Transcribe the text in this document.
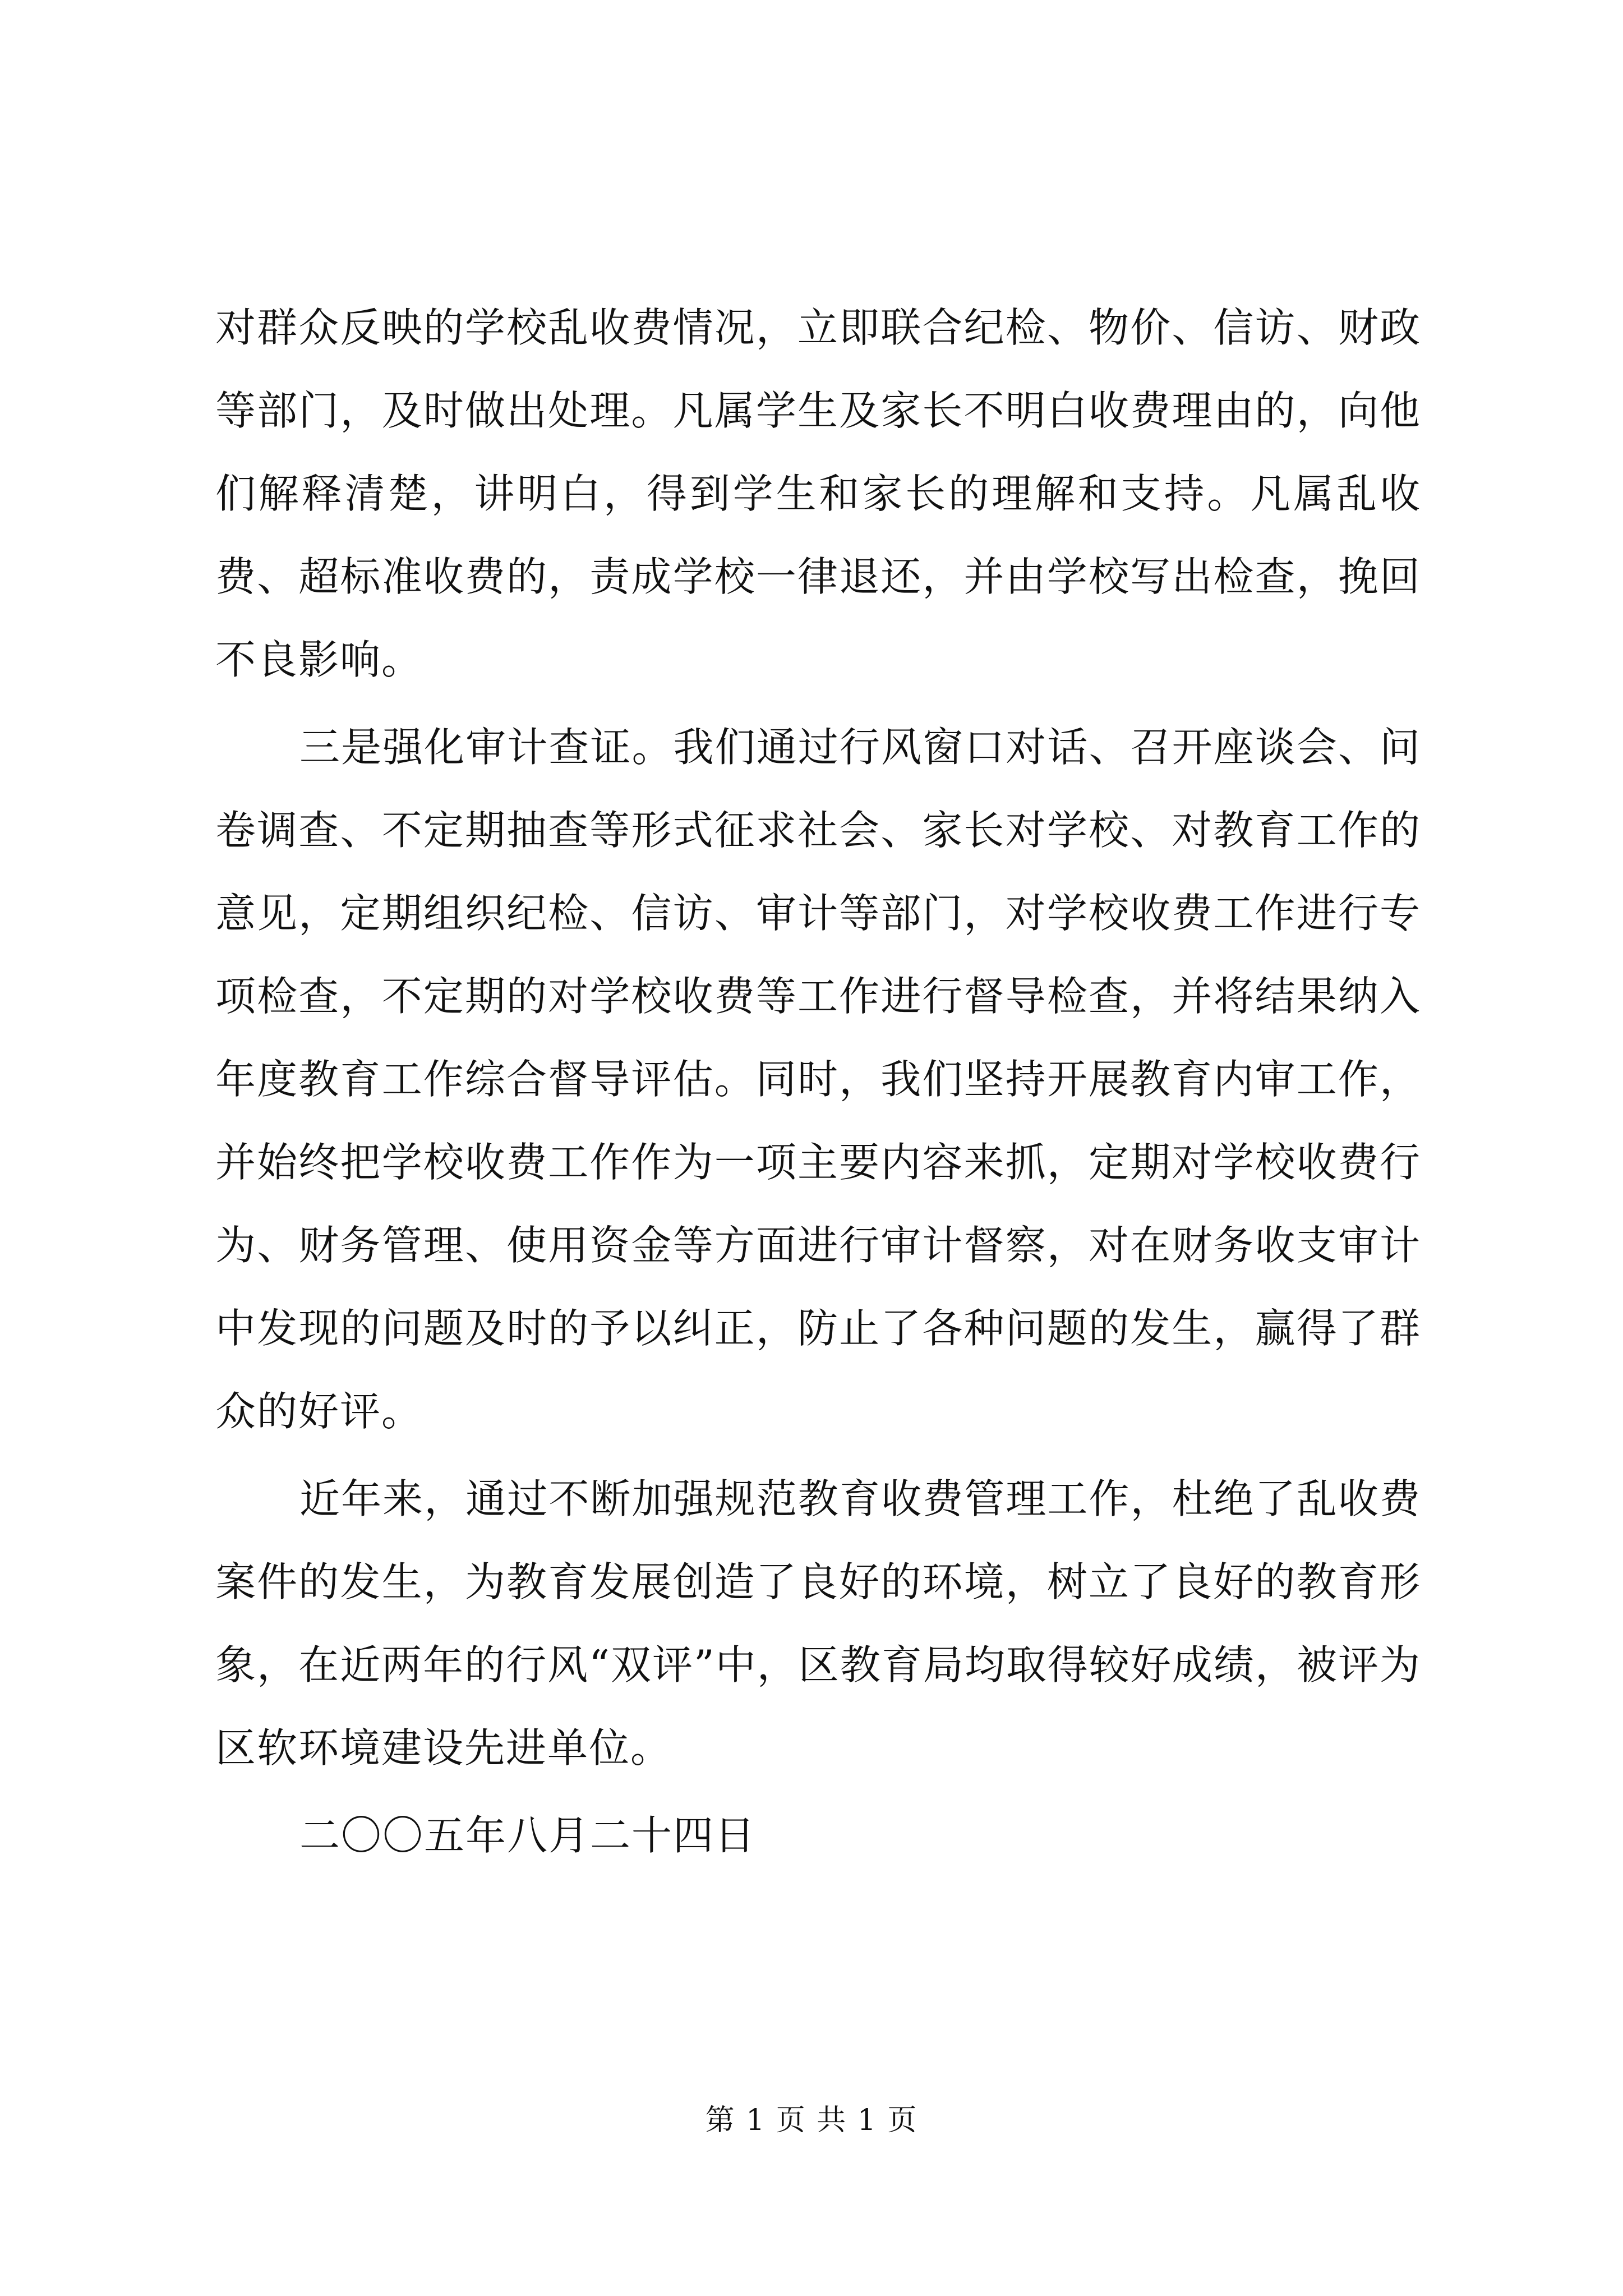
对群众反映的学校乱收费情况，立即联合纪检、物价、信访、财政等部门，及时做出处理。凡属学生及家长不明白收费理由的，向他们解释清楚，讲明白，得到学生和家长的理解和支持。凡属乱收费、超标准收费的，责成学校一律退还，并由学校写出检查，挽回不良影响。

三是强化审计查证。我们通过行风窗口对话、召开座谈会、问卷调查、不定期抽查等形式征求社会、家长对学校、对教育工作的意见，定期组织纪检、信访、审计等部门，对学校收费工作进行专项检查，不定期的对学校收费等工作进行督导检查，并将结果纳入年度教育工作综合督导评估。同时，我们坚持开展教育内审工作，并始终把学校收费工作作为一项主要内容来抓，定期对学校收费行为、财务管理、使用资金等方面进行审计督察，对在财务收支审计中发现的问题及时的予以纠正，防止了各种问题的发生，赢得了群众的好评。

近年来，通过不断加强规范教育收费管理工作，杜绝了乱收费案件的发生，为教育发展创造了良好的环境，树立了良好的教育形象，在近两年的行风“双评”中，区教育局均取得较好成绩，被评为区软环境建设先进单位。

二〇〇五年八月二十四日

第 1 页 共 1 页
